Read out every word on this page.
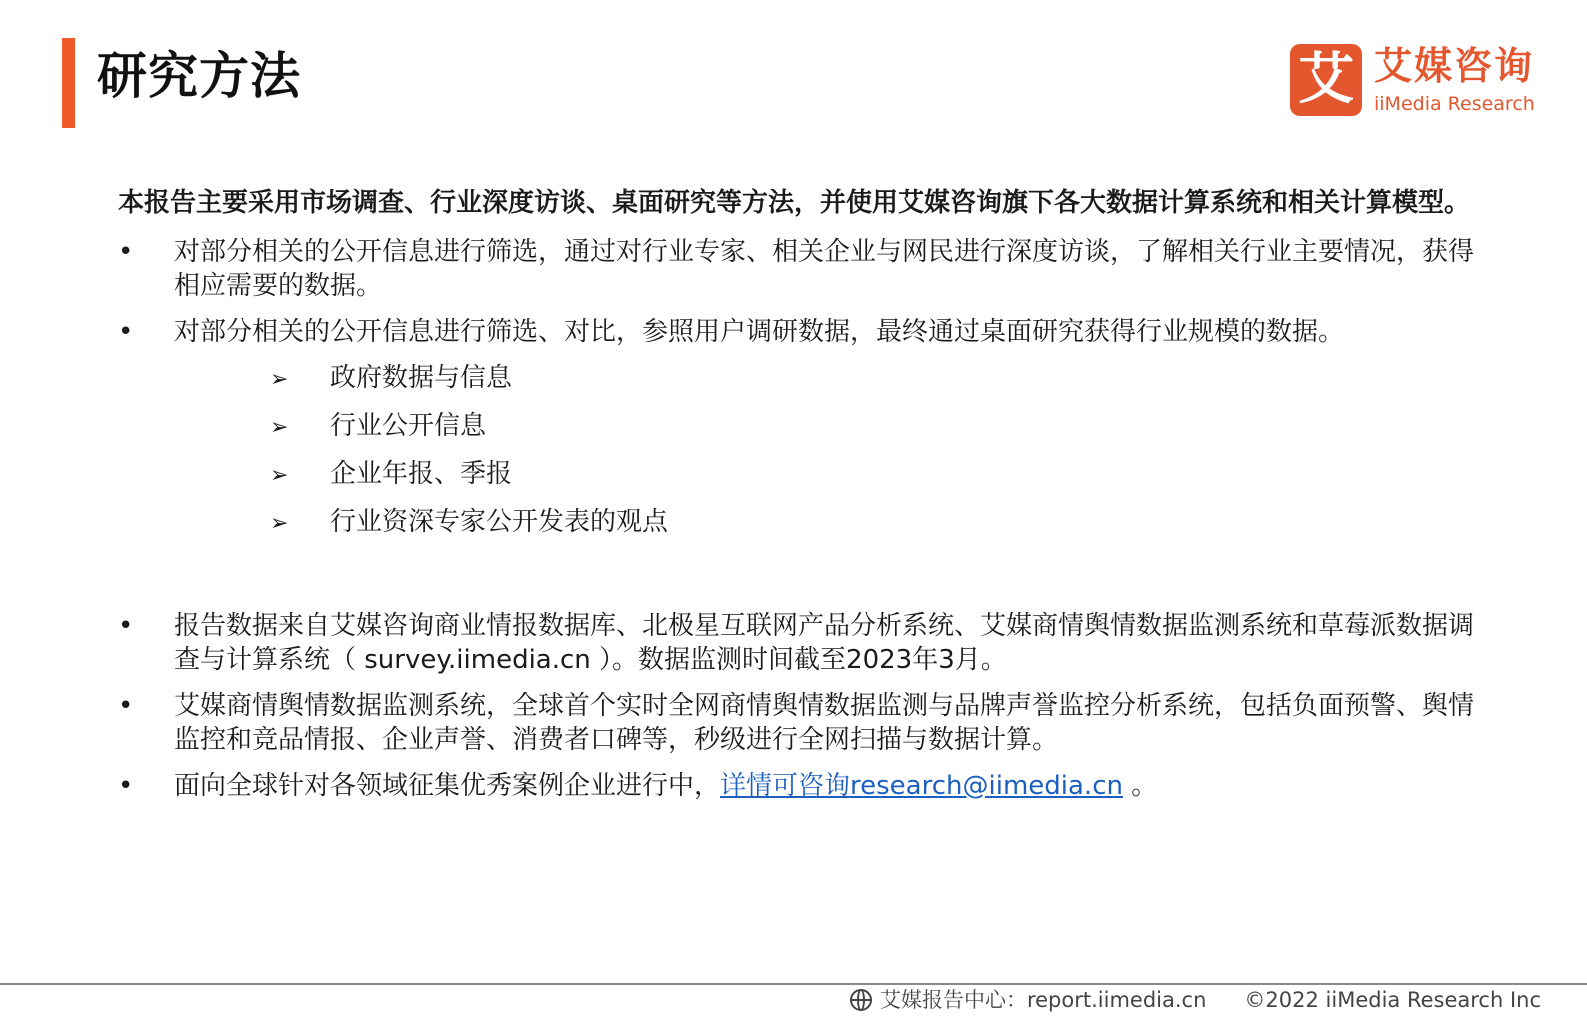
研究方法	艾 艾媒咨询
iiMedia Research

本报告主要采用市场调查、行业深度访谈、桌面研究等方法，并使用艾媒咨询旗下各大数据计算系统和相关计算模型。

• 对部分相关的公开信息进行筛选，通过对行业专家、相关企业与网民进行深度访谈，了解相关行业主要情况，获得相应需要的数据。
• 对部分相关的公开信息进行筛选、对比，参照用户调研数据，最终通过桌面研究获得行业规模的数据。
➢ 政府数据与信息
➢ 行业公开信息
➢ 企业年报、季报
➢ 行业资深专家公开发表的观点
• 报告数据来自艾媒咨询商业情报数据库、北极星互联网产品分析系统、艾媒商情舆情数据监测系统和草莓派数据调查与计算系统（ survey.iimedia.cn ）。数据监测时间截至2023年3月。
• 艾媒商情舆情数据监测系统，全球首个实时全网商情舆情数据监测与品牌声誉监控分析系统，包括负面预警、舆情监控和竞品情报、企业声誉、消费者口碑等，秒级进行全网扫描与数据计算。
• 面向全球针对各领域征集优秀案例企业进行中，详情可咨询research@iimedia.cn 。
艾媒报告中心：report.iimedia.cn ©2022 iiMedia Research Inc
